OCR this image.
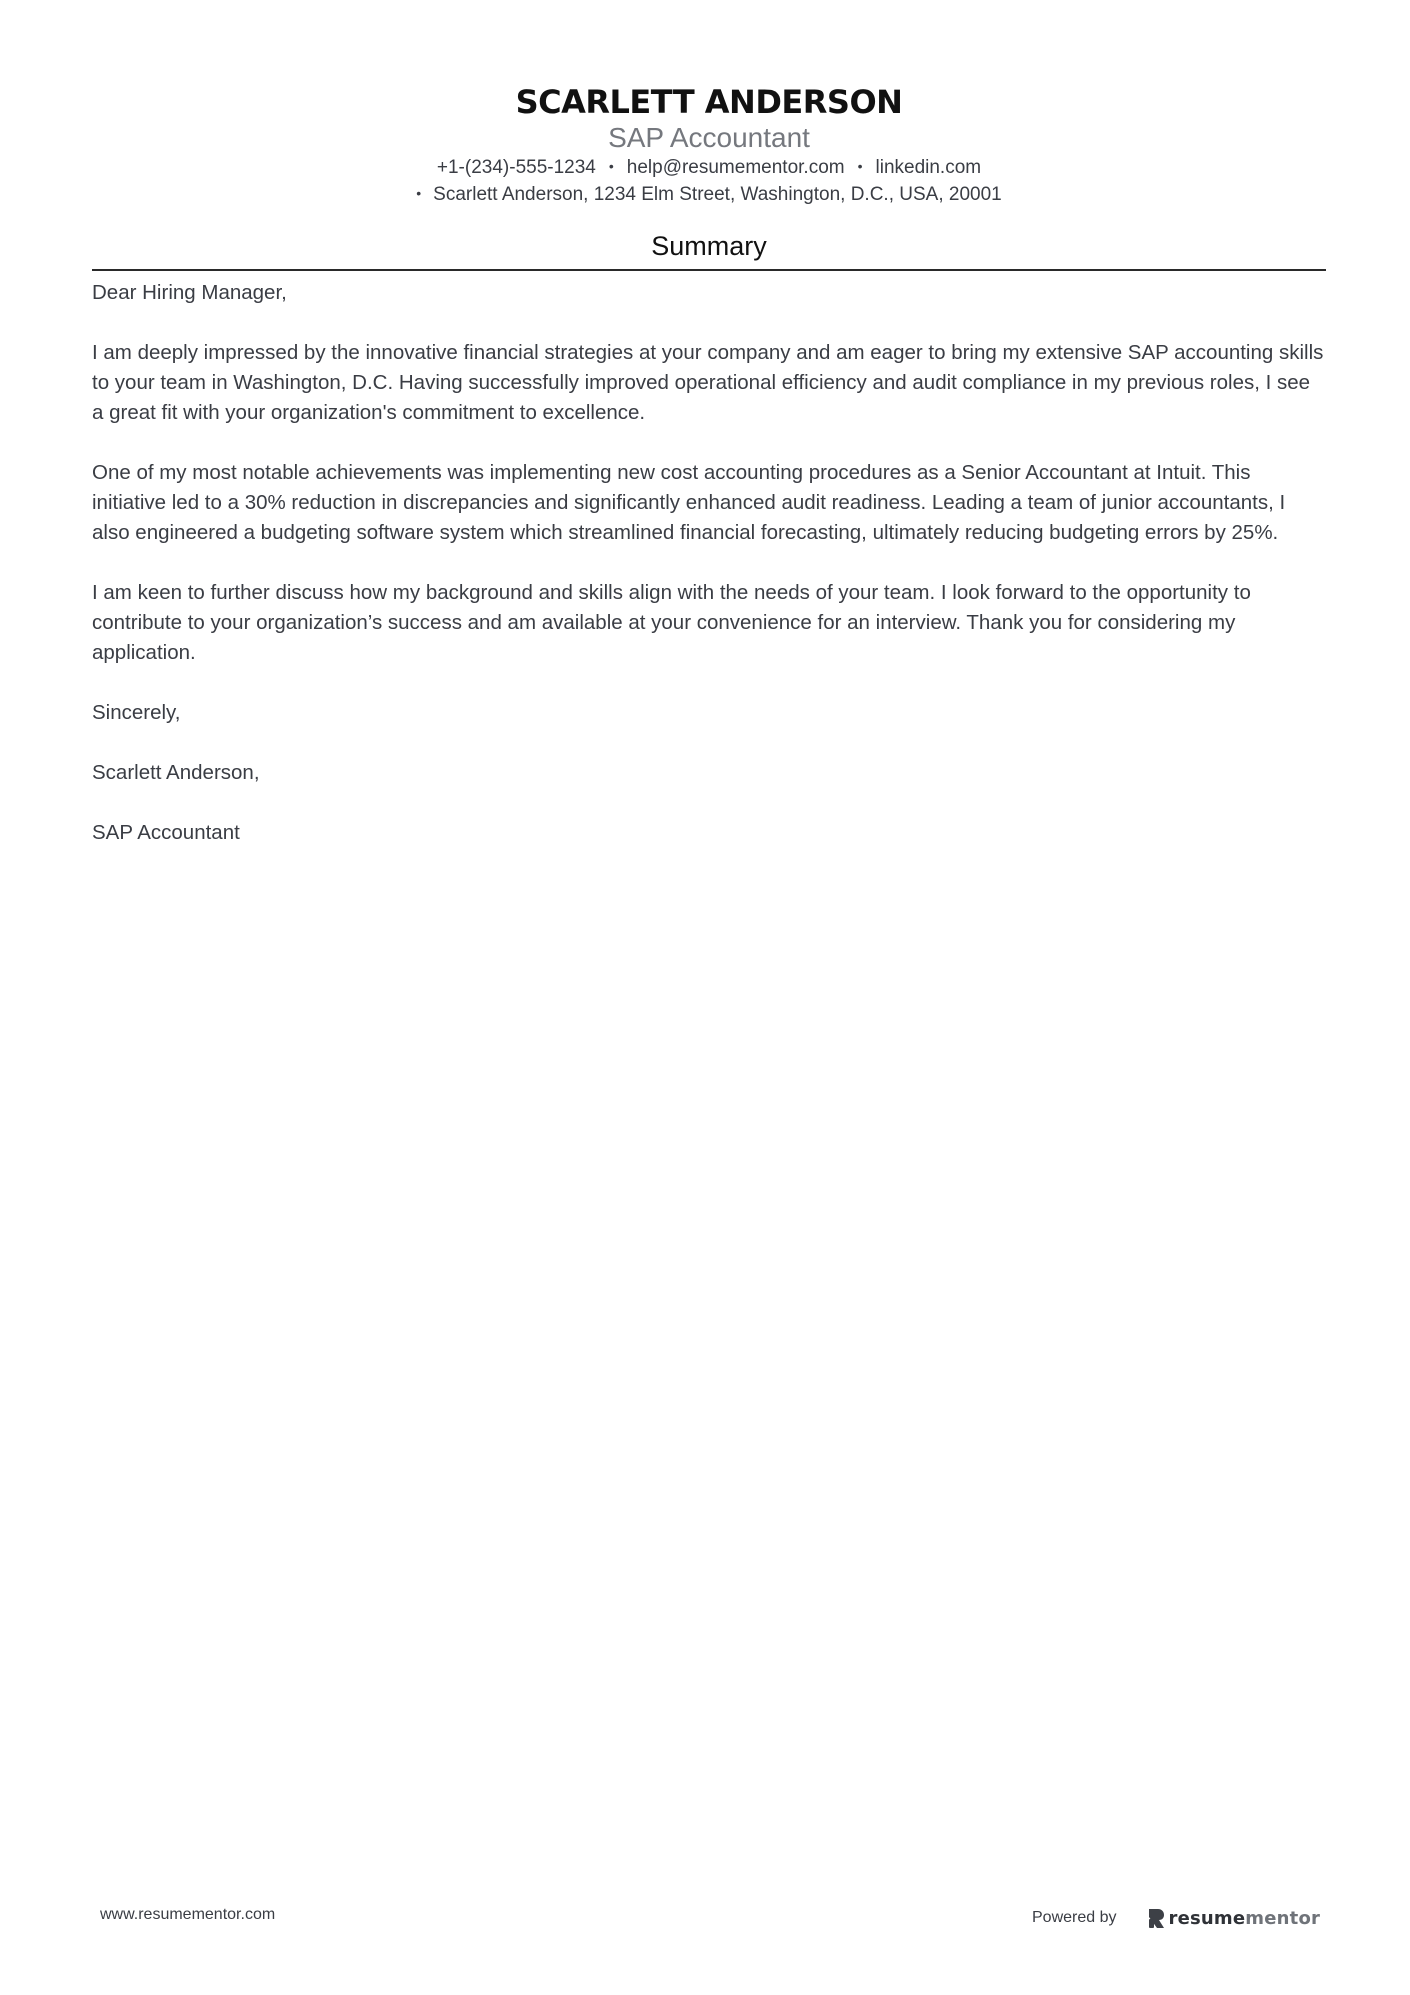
SCARLETT ANDERSON
SAP Accountant
+1-(234)-555-1234 • help@resumementor.com • linkedin.com
• Scarlett Anderson, 1234 Elm Street, Washington, D.C., USA, 20001
Summary

Dear Hiring Manager,

I am deeply impressed by the innovative financial strategies at your company and am eager to bring my extensive SAP accounting skills to your team in Washington, D.C. Having successfully improved operational efficiency and audit compliance in my previous roles, I see a great fit with your organization's commitment to excellence.

One of my most notable achievements was implementing new cost accounting procedures as a Senior Accountant at Intuit. This initiative led to a 30% reduction in discrepancies and significantly enhanced audit readiness. Leading a team of junior accountants, I also engineered a budgeting software system which streamlined financial forecasting, ultimately reducing budgeting errors by 25%.

I am keen to further discuss how my background and skills align with the needs of your team. I look forward to the opportunity to contribute to your organization’s success and am available at your convenience for an interview. Thank you for considering my application.

Sincerely,

Scarlett Anderson,

SAP Accountant

www.resumementor.com	Powered by	resumementor
